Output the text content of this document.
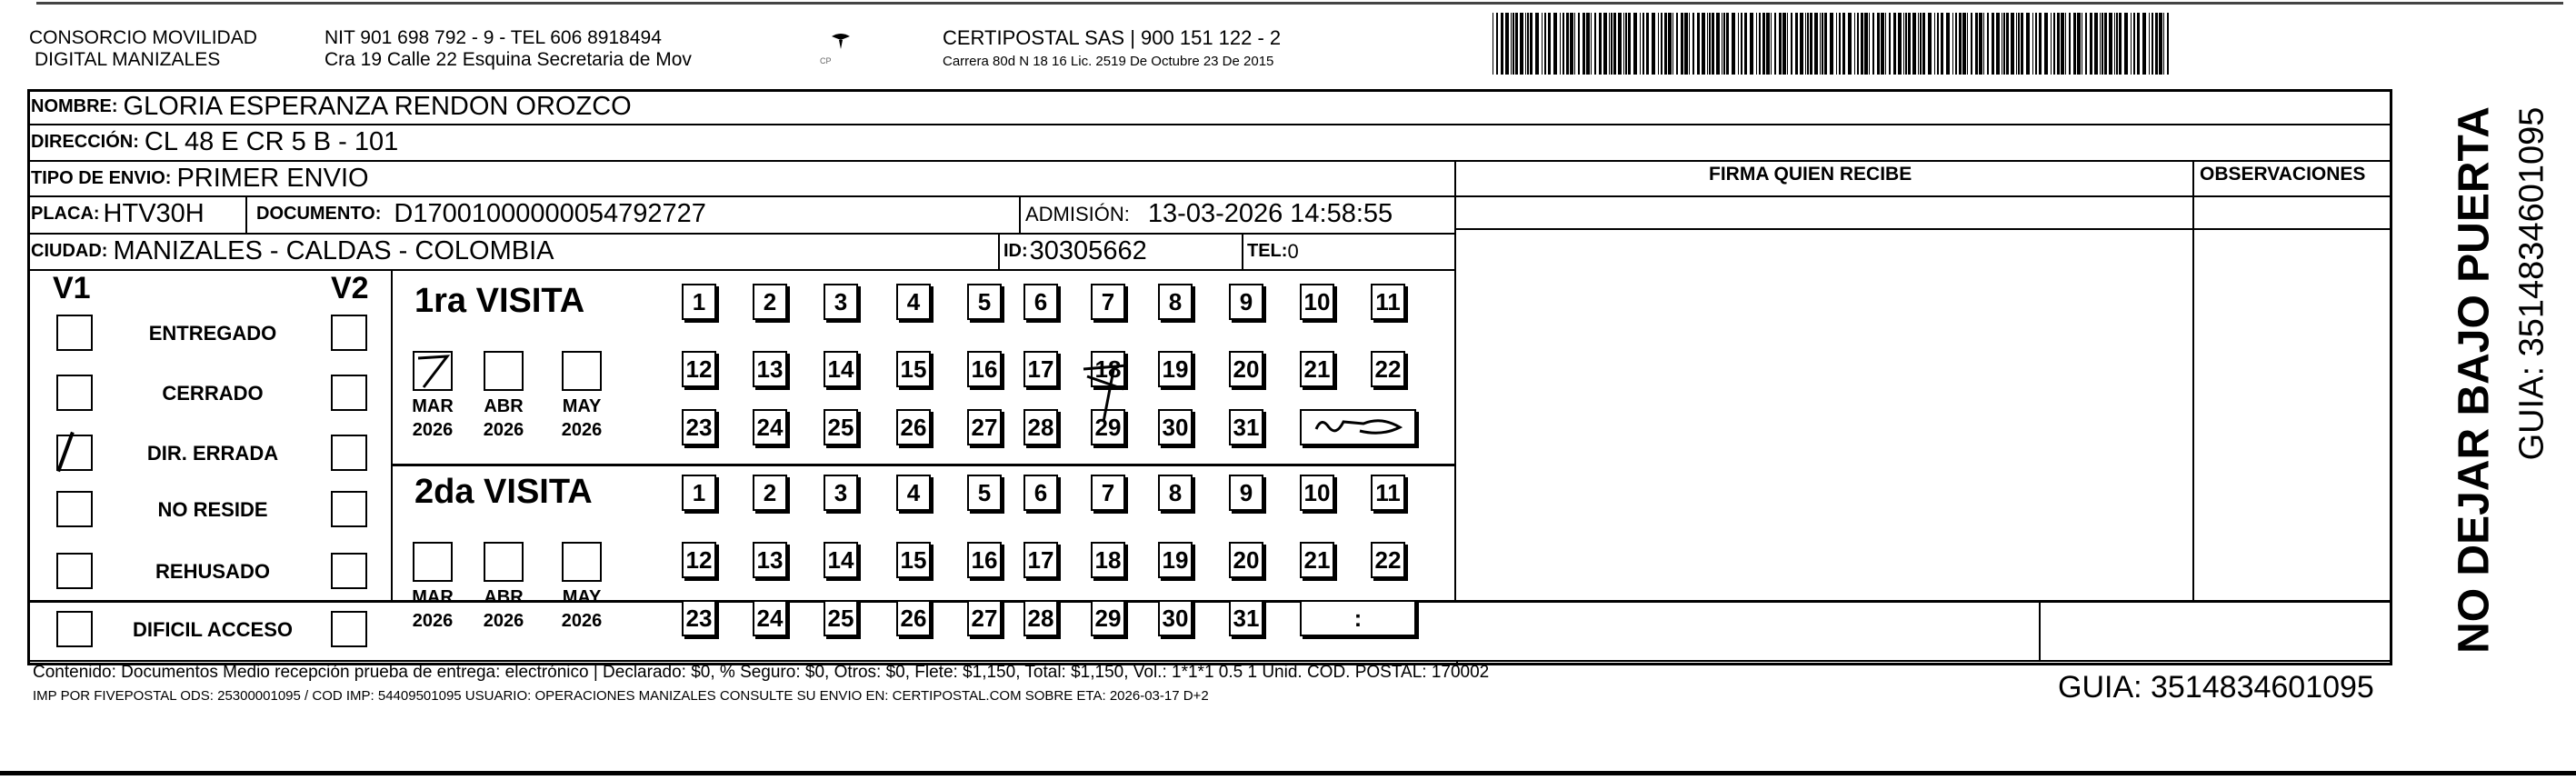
CONSORCIO MOVILIDAD
DIGITAL MANIZALES
NIT 901 698 792 - 9 - TEL 606 8918494
Cra 19 Calle 22 Esquina Secretaria de Mov	CP
CERTIPOSTAL SAS | 900 151 122 - 2
Carrera 80d N 18 16 Lic. 2519 De Octubre 23 De 2015
NOMBRE: GLORIA ESPERANZA RENDON OROZCO
DIRECCIÓN: CL 48 E CR 5 B - 101
TIPO DE ENVIO: PRIMER ENVIO	FIRMA QUIEN RECIBE	OBSERVACIONES
PLACA: HTV30H	DOCUMENTO: D17001000000054792727	ADMISIÓN: 13-03-2026 14:58:55
CIUDAD: MANIZALES - CALDAS - COLOMBIA	ID: 30305662	TEL: 0
V1	V2
ENTREGADO
CERRADO
DIR. ERRADA
NO RESIDE
REHUSADO
DIFICIL ACCESO
1ra VISITA
2da VISITA
1	2	3	4	5	6	7	8	9	10 11
12 13 14 15 16 17 18 19 20 21 22
23 24 25 26 27 28 29 30 31
MAR
2026
ABR
2026
MAY
2026
1	2	3	4	5	6	7	8	9	10 11
12 13 14 15 16 17 18 19 20 21 22
23 24 25 26 27 28 29 30 31	:
MAR
2026
ABR
2026
MAY
2026	NO DEJAR BAJO PUERTA GUIA: 3514834601095
Contenido: Documentos Medio recepción prueba de entrega: electrónico | Declarado: $0, % Seguro: $0, Otros: $0, Flete: $1,150, Total: $1,150, Vol.: 1*1*1 0.5 1 Unid. COD. POSTAL: 170002
IMP POR FIVEPOSTAL ODS: 25300001095 / COD IMP: 54409501095 USUARIO: OPERACIONES MANIZALES CONSULTE SU ENVIO EN: CERTIPOSTAL.COM SOBRE ETA: 2026-03-17 D+2	GUIA: 3514834601095
